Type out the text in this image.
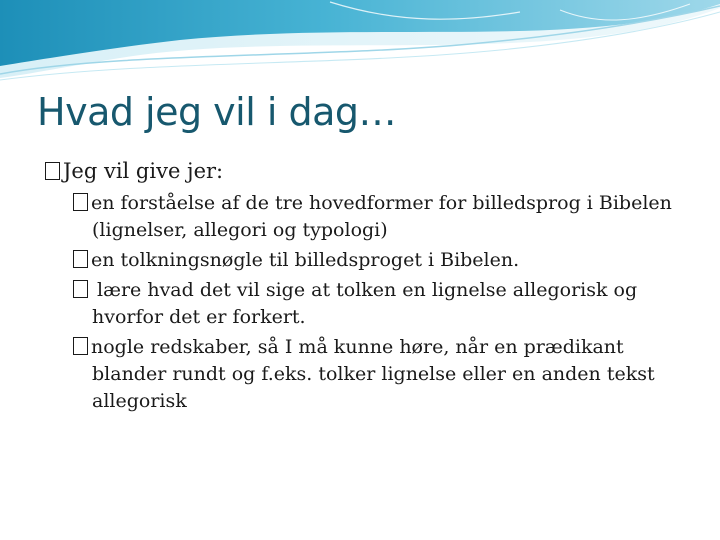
Hvad jeg vil i dag…

Jeg vil give jer:

en forståelse af de tre hovedformer for billedsprog i Bibelen (lignelser, allegori og typologi)

en tolkningsnøgle til billedsproget i Bibelen.

lære hvad det vil sige at tolken en lignelse allegorisk og hvorfor det er forkert.

nogle redskaber, så I må kunne høre, når en prædikant blander rundt og f.eks. tolker lignelse eller en anden tekst allegorisk
